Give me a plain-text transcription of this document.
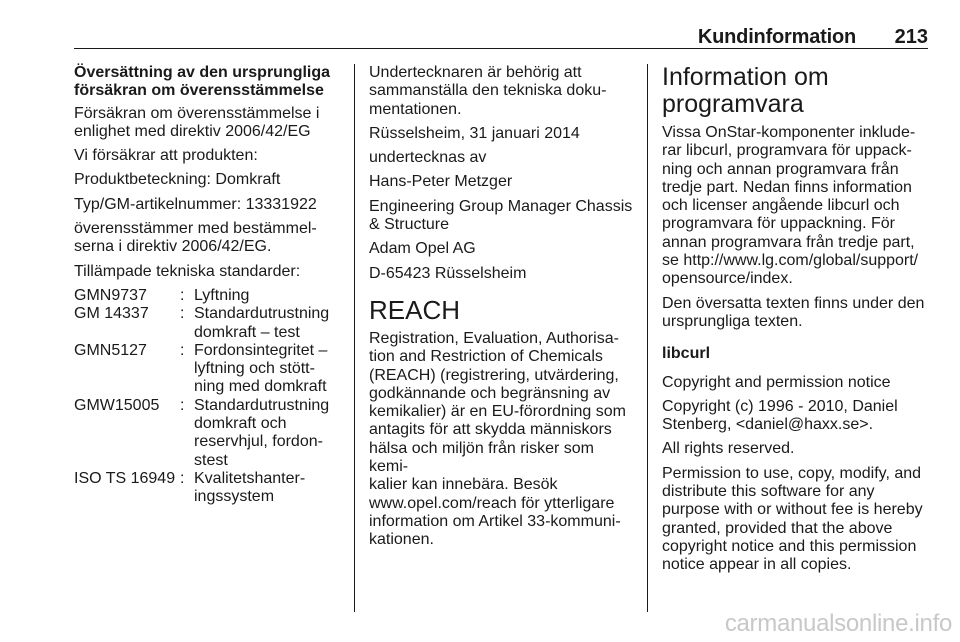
Kundinformation 213

Översättning av den ursprungliga
försäkran om överensstämmelse

Försäkran om överensstämmelse i
enlighet med direktiv 2006/42/EG

Vi försäkrar att produkten:

Produktbeteckning: Domkraft

Typ/GM-artikelnummer: 13331922

överensstämmer med bestämmel-
serna i direktiv 2006/42/EG.

Tillämpade tekniska standarder:

GMN9737	:	Lyftning
GM 14337	:	Standardutrustning
domkraft – test
GMN5127	:	Fordonsintegritet –
lyftning och stött-
ning med domkraft
GMW15005	:	Standardutrustning
domkraft och
reservhjul, fordon-
stest
ISO TS 16949	:	Kvalitetshanter-
ingssystem

Undertecknaren är behörig att
sammanställa den tekniska doku-
mentationen.

Rüsselsheim, 31 januari 2014

undertecknas av

Hans-Peter Metzger

Engineering Group Manager Chassis
& Structure

Adam Opel AG

D-65423 Rüsselsheim

REACH

Registration, Evaluation, Authorisa-
tion and Restriction of Chemicals
(REACH) (registrering, utvärdering,
godkännande och begränsning av
kemikalier) är en EU-förordning som
antagits för att skydda människors
hälsa och miljön från risker som kemi-
kalier kan innebära. Besök
www.opel.com/reach för ytterligare
information om Artikel 33-kommuni-
kationen.

Information om
programvara

Vissa OnStar-komponenter inklude-
rar libcurl, programvara för uppack-
ning och annan programvara från
tredje part. Nedan finns information
och licenser angående libcurl och
programvara för uppackning. För
annan programvara från tredje part,
se http://www.lg.com/global/support/
opensource/index.

Den översatta texten finns under den
ursprungliga texten.

libcurl

Copyright and permission notice

Copyright (c) 1996 - 2010, Daniel
Stenberg, <daniel@haxx.se>.

All rights reserved.

Permission to use, copy, modify, and
distribute this software for any
purpose with or without fee is hereby
granted, provided that the above
copyright notice and this permission
notice appear in all copies.

carmanualsonline.info
